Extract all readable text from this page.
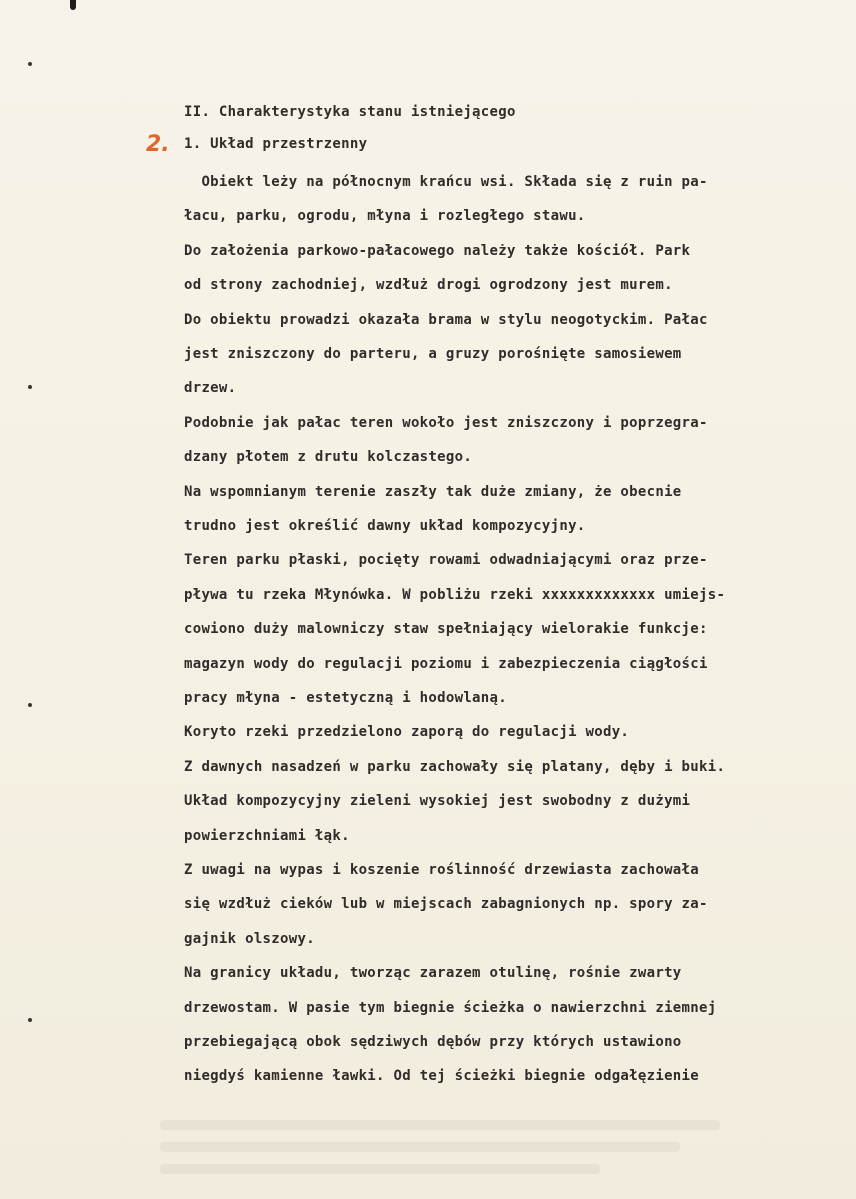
II. Charakterystyka stanu istniejącego
2. 1. Układ przestrzenny
Obiekt leży na północnym krańcu wsi. Składa się z ruin pa-
łacu, parku, ogrodu, młyna i rozległego stawu.
Do założenia parkowo-pałacowego należy także kościół. Park
od strony zachodniej, wzdłuż drogi ogrodzony jest murem.
Do obiektu prowadzi okazała brama w stylu neogotyckim. Pałac
jest zniszczony do parteru, a gruzy porośnięte samosiewem
drzew.
Podobnie jak pałac teren wokoło jest zniszczony i poprzegra-
dzany płotem z drutu kolczastego.
Na wspomnianym terenie zaszły tak duże zmiany, że obecnie
trudno jest określić dawny układ kompozycyjny.
Teren parku płaski, pocięty rowami odwadniającymi oraz prze-
pływa tu rzeka Młynówka. W pobliżu rzeki xxxxxxxxxxxxx umiejs-
cowiono duży malowniczy staw spełniający wielorakie funkcje:
magazyn wody do regulacji poziomu i zabezpieczenia ciągłości
pracy młyna - estetyczną i hodowlaną.
Koryto rzeki przedzielono zaporą do regulacji wody.
Z dawnych nasadzeń w parku zachowały się platany, dęby i buki.
Układ kompozycyjny zieleni wysokiej jest swobodny z dużymi
powierzchniami łąk.
Z uwagi na wypas i koszenie roślinność drzewiasta zachowała
się wzdłuż cieków lub w miejscach zabagnionych np. spory za-
gajnik olszowy.
Na granicy układu, tworząc zarazem otulinę, rośnie zwarty
drzewostam. W pasie tym biegnie ścieżka o nawierzchni ziemnej
przebiegającą obok sędziwych dębów przy których ustawiono
niegdyś kamienne ławki. Od tej ścieżki biegnie odgałęzienie
